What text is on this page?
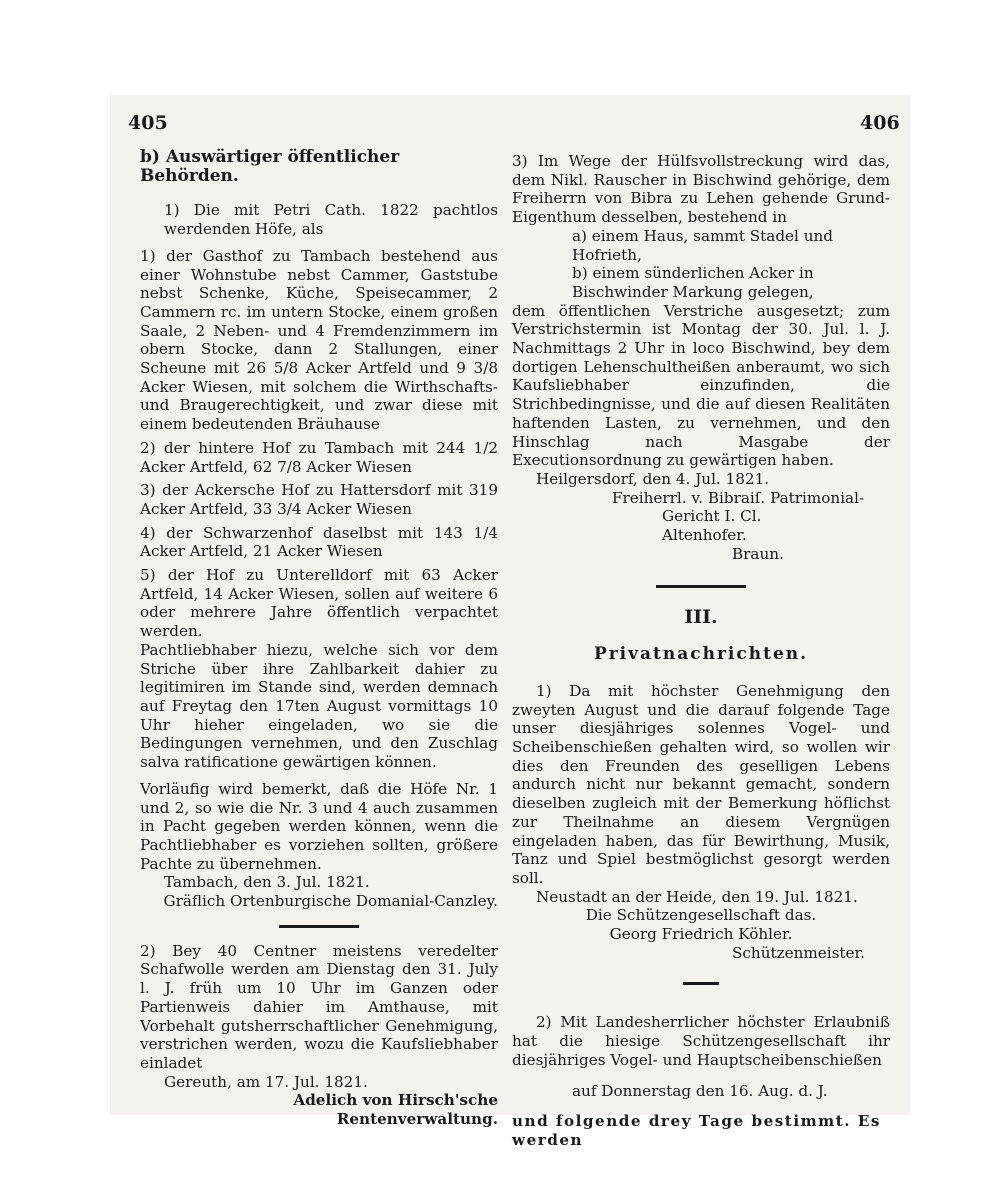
405	406

b) Auswärtiger öffentlicher Behörden.

1) Die mit Petri Cath. 1822 pachtlos werdenden Höfe, als

1) der Gasthof zu Tambach bestehend aus einer Wohnstube nebst Cammer, Gaststube nebst Schenke, Küche, Speisecammer, 2 Cammern rc. im untern Stocke, einem großen Saale, 2 Neben- und 4 Fremdenzimmern im obern Stocke, dann 2 Stallungen, einer Scheune mit 26 5/8 Acker Artfeld und 9 3/8 Acker Wiesen, mit solchem die Wirthschafts- und Braugerechtigkeit, und zwar diese mit einem bedeutenden Bräuhause

2) der hintere Hof zu Tambach mit 244 1/2 Acker Artfeld, 62 7/8 Acker Wiesen

3) der Ackersche Hof zu Hattersdorf mit 319 Acker Artfeld, 33 3/4 Acker Wiesen

4) der Schwarzenhof daselbst mit 143 1/4 Acker Artfeld, 21 Acker Wiesen

5) der Hof zu Unterelldorf mit 63 Acker Artfeld, 14 Acker Wiesen, sollen auf weitere 6 oder mehrere Jahre öffentlich verpachtet werden.

Pachtliebhaber hiezu, welche sich vor dem Striche über ihre Zahlbarkeit dahier zu legitimiren im Stande sind, werden demnach auf Freytag den 17ten August vormittags 10 Uhr hieher eingeladen, wo sie die Bedingungen vernehmen, und den Zuschlag salva ratificatione gewärtigen können.

Vorläufig wird bemerkt, daß die Höfe Nr. 1 und 2, so wie die Nr. 3 und 4 auch zusammen in Pacht gegeben werden können, wenn die Pachtliebhaber es vorziehen sollten, größere Pachte zu übernehmen.

Tambach, den 3. Jul. 1821.

Gräflich Ortenburgische Domanial-Canzley.

2) Bey 40 Centner meistens veredelter Schafwolle werden am Dienstag den 31. July l. J. früh um 10 Uhr im Ganzen oder Partienweis dahier im Amthause, mit Vorbehalt gutsherrschaftlicher Genehmigung, verstrichen werden, wozu die Kaufsliebhaber einladet

Gereuth, am 17. Jul. 1821.

Adelich von Hirsch'sche Rentenverwaltung.

3) Im Wege der Hülfsvollstreckung wird das, dem Nikl. Rauscher in Bischwind gehörige, dem Freiherrn von Bibra zu Lehen gehende Grund-Eigenthum desselben, bestehend in

a) einem Haus, sammt Stadel und Hofrieth,

b) einem sünderlichen Acker in Bischwinder Markung gelegen,

dem öffentlichen Verstriche ausgesetzt; zum Verstrichstermin ist Montag der 30. Jul. l. J. Nachmittags 2 Uhr in loco Bischwind, bey dem dortigen Lehenschultheißen anberaumt, wo sich Kaufsliebhaber einzufinden, die Strichbedingnisse, und die auf diesen Realitäten haftenden Lasten, zu vernehmen, und den Hinschlag nach Masgabe der Executionsordnung zu gewärtigen haben.

Heilgersdorf, den 4. Jul. 1821.

Freiherrl. v. Bibraiſ. Patrimonial-

Gericht I. Cl.

Altenhofer.

Braun.

III.

Privatnachrichten.

1) Da mit höchster Genehmigung den zweyten August und die darauf folgende Tage unser diesjähriges solennes Vogel- und Scheibenschießen gehalten wird, so wollen wir dies den Freunden des geselligen Lebens andurch nicht nur bekannt gemacht, sondern dieselben zugleich mit der Bemerkung höflichst zur Theilnahme an diesem Vergnügen eingeladen haben, das für Bewirthung, Musik, Tanz und Spiel bestmöglichst gesorgt werden soll.

Neustadt an der Heide, den 19. Jul. 1821.

Die Schützengesellschaft das.

Georg Friedrich Köhler.

Schützenmeister.

2) Mit Landesherrlicher höchster Erlaubniß hat die hiesige Schützengesellschaft ihr diesjähriges Vogel- und Hauptscheibenschießen

auf Donnerstag den 16. Aug. d. J.

und folgende drey Tage bestimmt. Es werden
